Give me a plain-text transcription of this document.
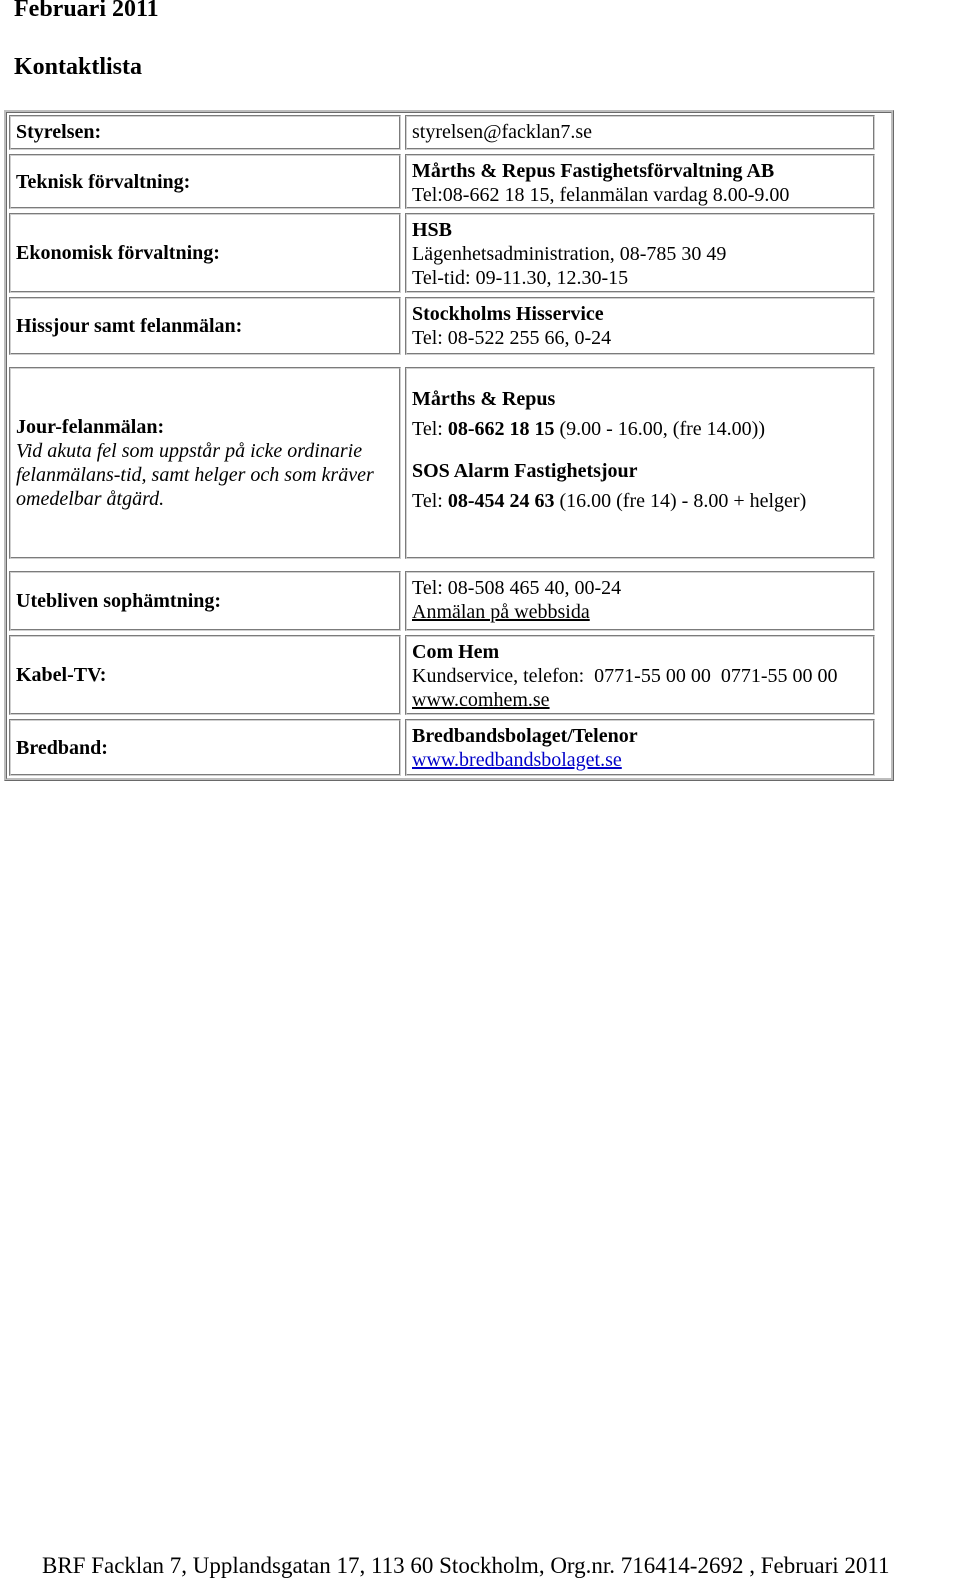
Februari 2011
Kontaktlista
Styrelsen:	styrelsen@facklan7.se
Teknisk förvaltning:	Mårths & Repus Fastighetsförvaltning AB
Tel:08-662 18 15, felanmälan vardag 8.00-9.00
Ekonomisk förvaltning:
HSB
Lägenhetsadministration, 08-785 30 49
Tel-tid: 09-11.30, 12.30-15
Hissjour samt felanmälan:
Stockholms Hisservice
Tel: 08-522 255 66, 0-24
Jour-felanmälan:
Vid akuta fel som uppstår på icke ordinarie felanmälans-tid, samt helger och som kräver omedelbar åtgärd.
Mårths & Repus
Tel: 08-662 18 15 (9.00 - 16.00, (fre 14.00))
SOS Alarm Fastighetsjour
Tel: 08-454 24 63 (16.00 (fre 14) - 8.00 + helger)
Utebliven sophämtning:
Tel: 08-508 465 40, 00-24
Anmälan på webbsida
Kabel-TV:
Com Hem
Kundservice, telefon:  0771-55 00 00  0771-55 00 00
www.comhem.se
Bredband:
Bredbandsbolaget/Telenor
www.bredbandsbolaget.se
BRF Facklan 7, Upplandsgatan 17, 113 60 Stockholm, Org.nr. 716414-2692 , Februari 2011
